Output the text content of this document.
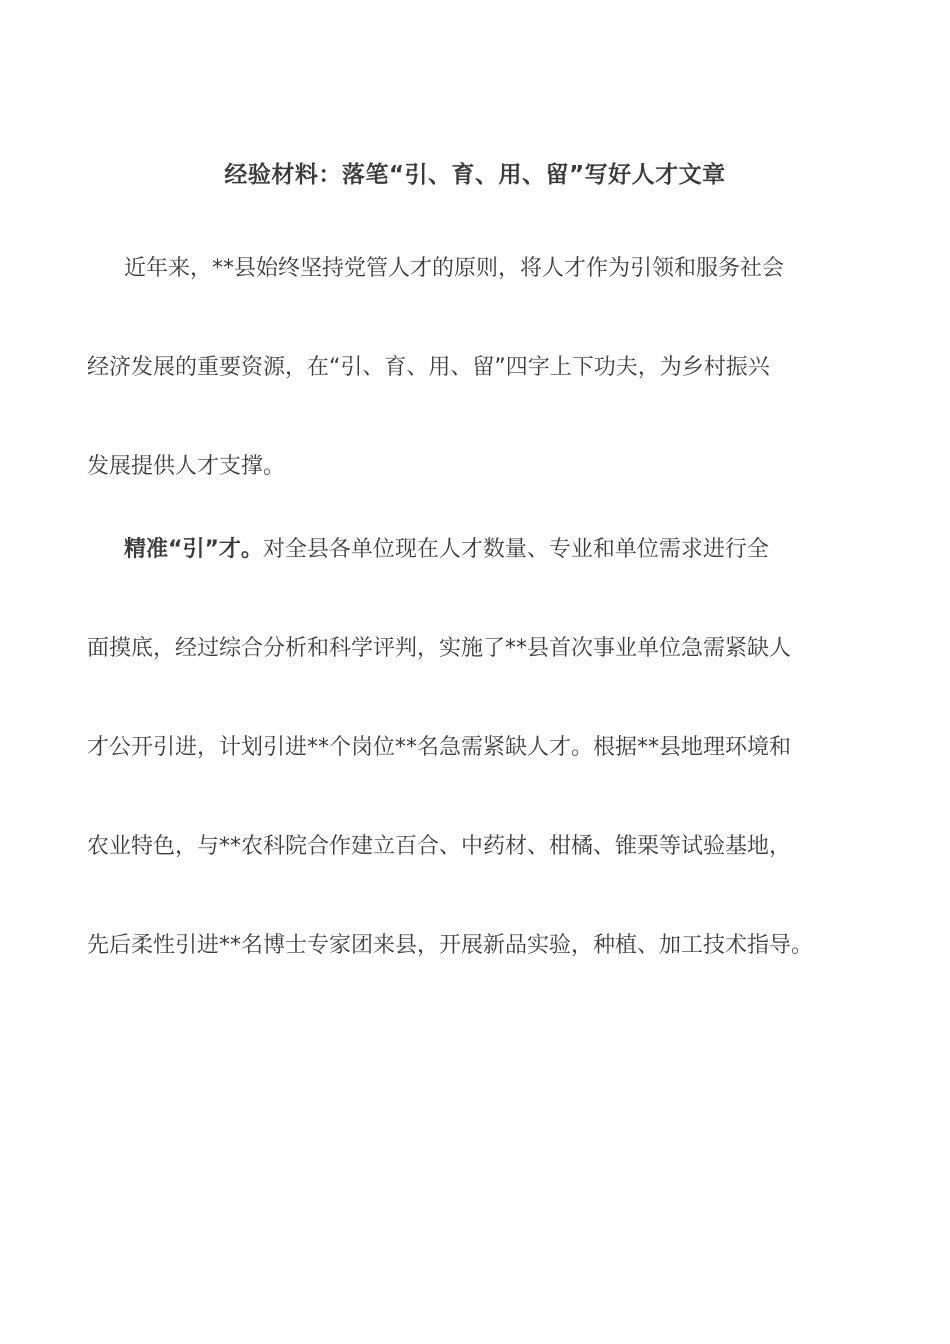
经验材料：落笔“引、育、用、留”写好人才文章
近年来，**县始终坚持党管人才的原则，将人才作为引领和服务社会
经济发展的重要资源，在“引、育、用、留”四字上下功夫，为乡村振兴
发展提供人才支撑。
精准“引”才。对全县各单位现在人才数量、专业和单位需求进行全
面摸底，经过综合分析和科学评判，实施了**县首次事业单位急需紧缺人
才公开引进，计划引进**个岗位**名急需紧缺人才。根据**县地理环境和
农业特色，与**农科院合作建立百合、中药材、柑橘、锥栗等试验基地，
先后柔性引进**名博士专家团来县，开展新品实验，种植、加工技术指导。
